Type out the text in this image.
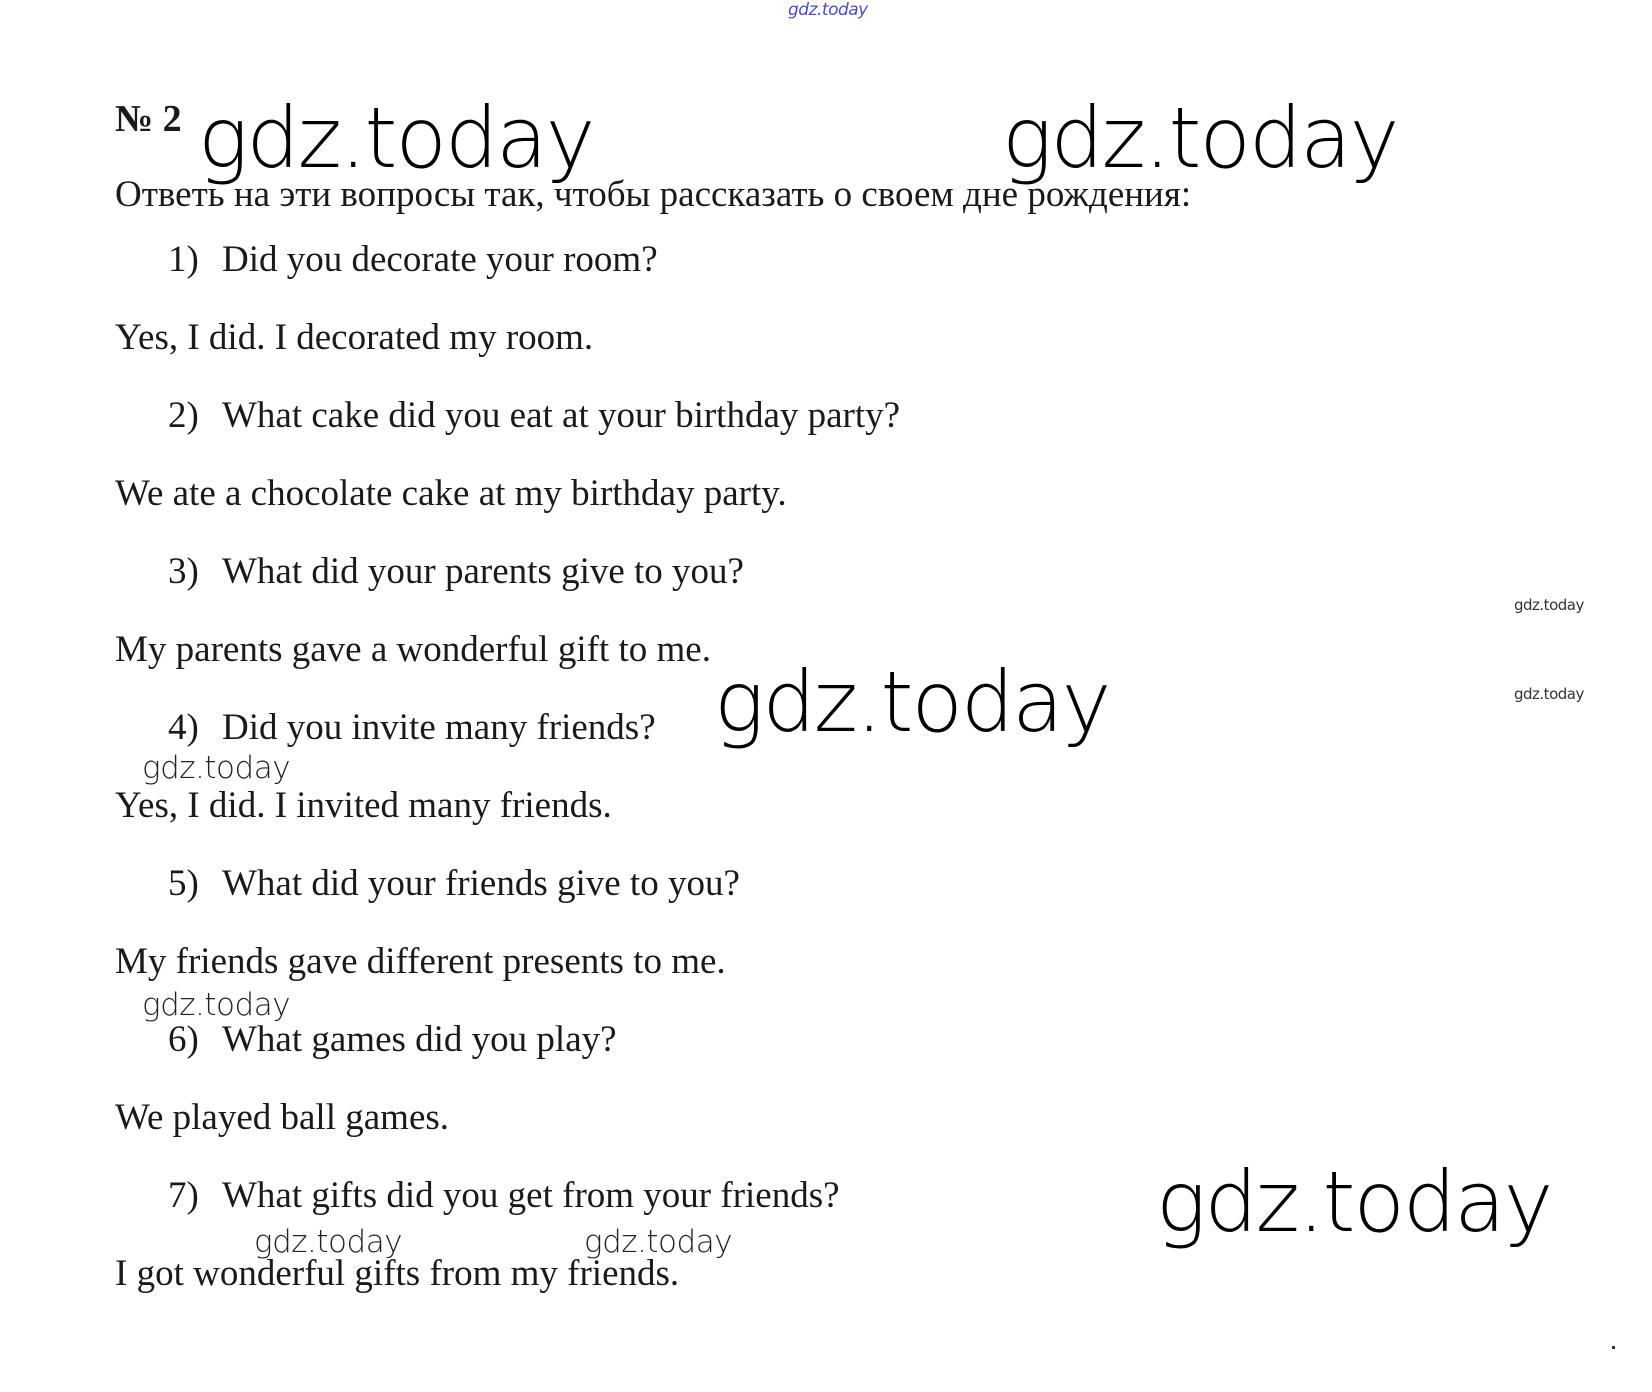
gdz.today
№ 2 gdz.today	gdz.today
Ответь на эти вопросы так, чтобы рассказать о своем дне рождения:
1) Did you decorate your room?
Yes, I did. I decorated my room.
2) What cake did you eat at your birthday party?
We ate a chocolate cake at my birthday party.
3) What did your parents give to you?
My parents gave a wonderful gift to me.
gdz.today
gdz.today
4) Did you invite many friends? gdz.today
gdz.today
Yes, I did. I invited many friends.
5) What did your friends give to you?
My friends gave different presents to me.
gdz.today
6) What games did you play?
We played ball games.
7) What gifts did you get from your friends?	gdz.today
gdz.today	gdz.today
I got wonderful gifts from my friends.
